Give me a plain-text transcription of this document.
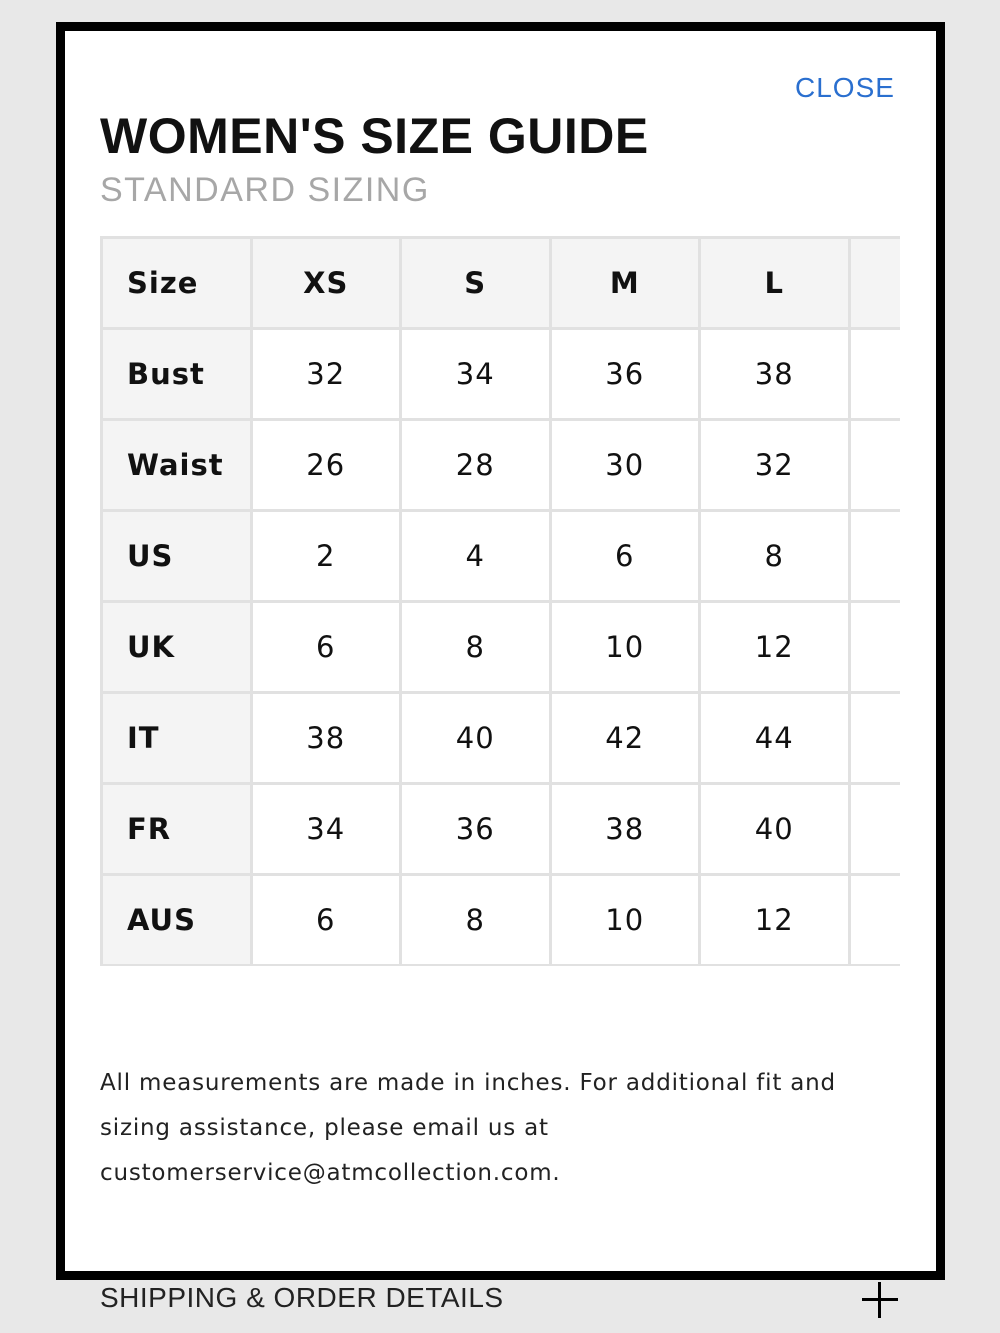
CLOSE
WOMEN'S SIZE GUIDE
STANDARD SIZING
Size	XS	S	M	L	
Bust	32	34	36	38	
Waist	26	28	30	32	
US	2	4	6	8	
UK	6	8	10	12	
IT	38	40	42	44	
FR	34	36	38	40	
AUS	6	8	10	12	

All measurements are made in inches. For additional fit and sizing assistance, please email us at
customerservice@atmcollection.com.

SHIPPING & ORDER DETAILS
